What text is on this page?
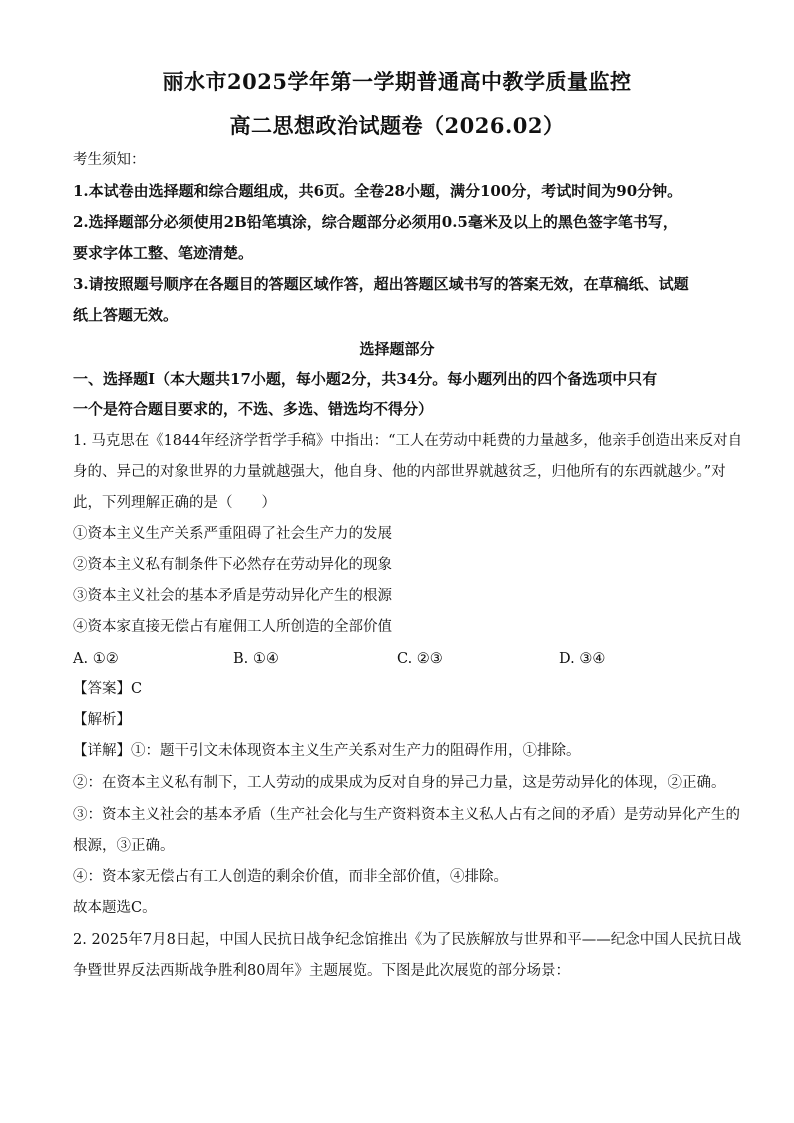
丽水市2025学年第一学期普通高中教学质量监控
高二思想政治试题卷（2026.02）
考生须知：
1.本试卷由选择题和综合题组成，共6页。全卷28小题，满分100分，考试时间为90分钟。
2.选择题部分必须使用2B铅笔填涂，综合题部分必须用0.5毫米及以上的黑色签字笔书写，
要求字体工整、笔迹清楚。
3.请按照题号顺序在各题目的答题区域作答，超出答题区域书写的答案无效，在草稿纸、试题
纸上答题无效。
选择题部分
一、选择题Ⅰ（本大题共17小题，每小题2分，共34分。每小题列出的四个备选项中只有
一个是符合题目要求的，不选、多选、错选均不得分）
1. 马克思在《1844年经济学哲学手稿》中指出：“工人在劳动中耗费的力量越多，他亲手创造出来反对自
身的、异己的对象世界的力量就越强大，他自身、他的内部世界就越贫乏，归他所有的东西就越少。”对
此，下列理解正确的是（　　）
①资本主义生产关系严重阻碍了社会生产力的发展
②资本主义私有制条件下必然存在劳动异化的现象
③资本主义社会的基本矛盾是劳动异化产生的根源
④资本家直接无偿占有雇佣工人所创造的全部价值
A. ①②	B. ①④	C. ②③	D. ③④
【答案】C
【解析】
【详解】①：题干引文未体现资本主义生产关系对生产力的阻碍作用，①排除。
②：在资本主义私有制下，工人劳动的成果成为反对自身的异己力量，这是劳动异化的体现，②正确。
③：资本主义社会的基本矛盾（生产社会化与生产资料资本主义私人占有之间的矛盾）是劳动异化产生的
根源，③正确。
④：资本家无偿占有工人创造的剩余价值，而非全部价值，④排除。
故本题选C。
2. 2025年7月8日起，中国人民抗日战争纪念馆推出《为了民族解放与世界和平——纪念中国人民抗日战
争暨世界反法西斯战争胜利80周年》主题展览。下图是此次展览的部分场景：
